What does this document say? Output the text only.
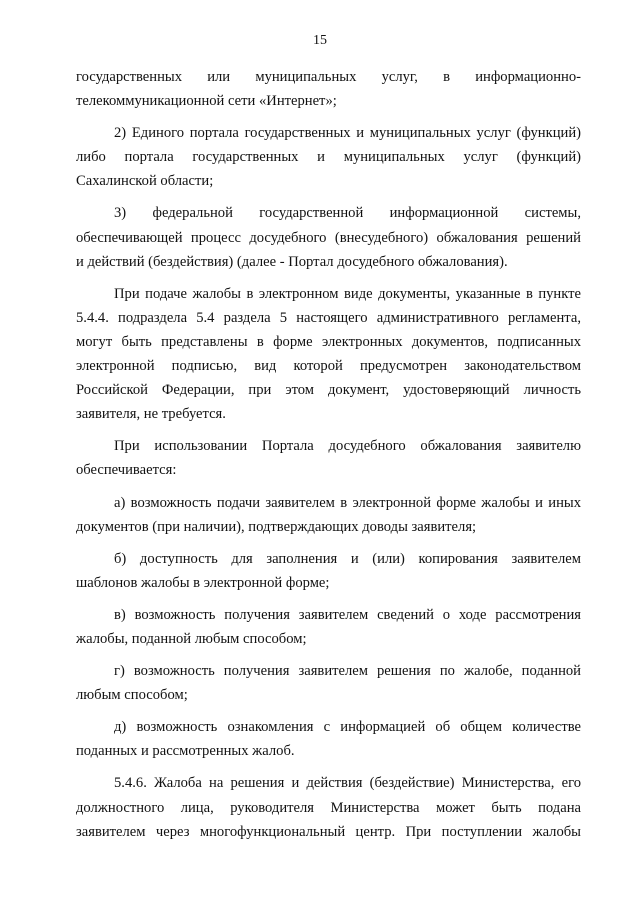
15
государственных или муниципальных услуг, в информационно-
телекоммуникационной сети «Интернет»;
2) Единого портала государственных и муниципальных услуг (функций)
либо портала государственных и муниципальных услуг (функций)
Сахалинской области;
3) федеральной государственной информационной системы,
обеспечивающей процесс досудебного (внесудебного) обжалования решений
и действий (бездействия) (далее - Портал досудебного обжалования).
При подаче жалобы в электронном виде документы, указанные в пункте
5.4.4. подраздела 5.4 раздела 5 настоящего административного регламента,
могут быть представлены в форме электронных документов, подписанных
электронной подписью, вид которой предусмотрен законодательством
Российской Федерации, при этом документ, удостоверяющий личность
заявителя, не требуется.
При использовании Портала досудебного обжалования заявителю
обеспечивается:
а) возможность подачи заявителем в электронной форме жалобы и иных
документов (при наличии), подтверждающих доводы заявителя;
б) доступность для заполнения и (или) копирования заявителем
шаблонов жалобы в электронной форме;
в) возможность получения заявителем сведений о ходе рассмотрения
жалобы, поданной любым способом;
г) возможность получения заявителем решения по жалобе, поданной
любым способом;
д) возможность ознакомления с информацией об общем количестве
поданных и рассмотренных жалоб.
5.4.6. Жалоба на решения и действия (бездействие) Министерства, его
должностного лица, руководителя Министерства может быть подана
заявителем через многофункциональный центр. При поступлении жалобы
